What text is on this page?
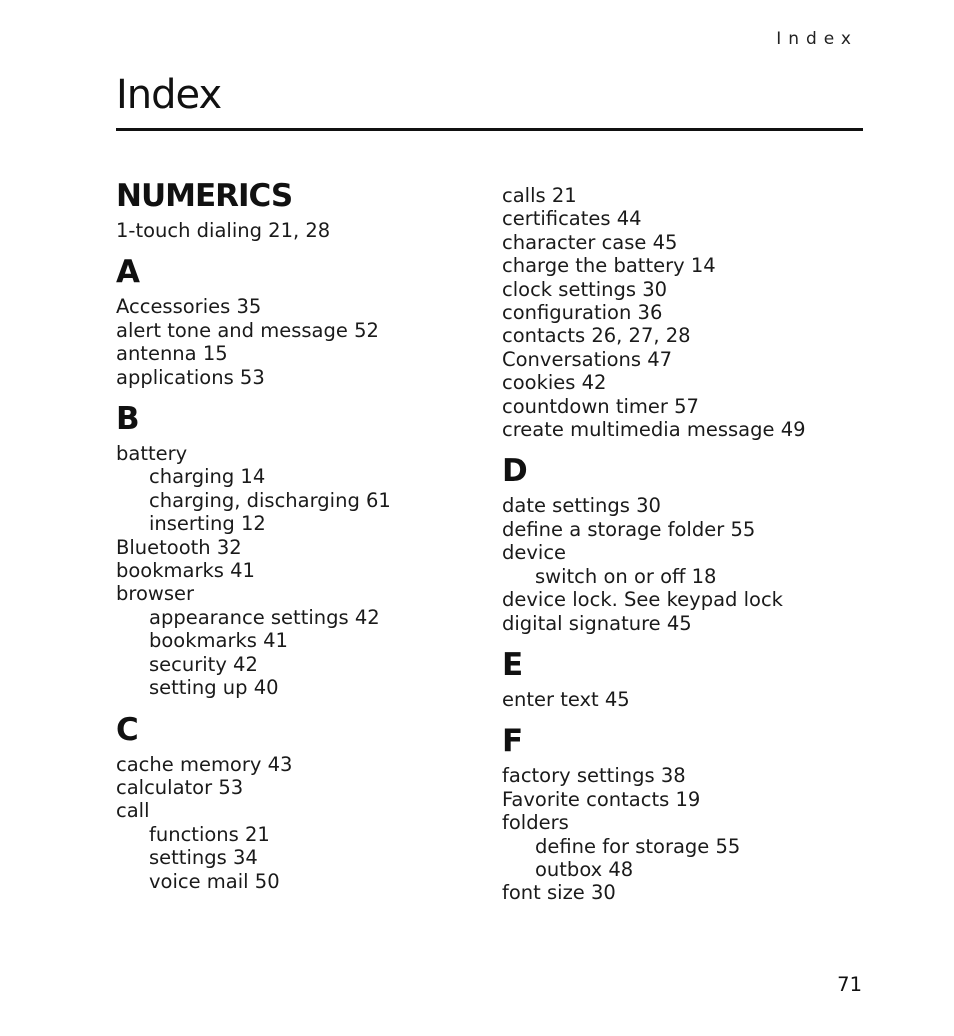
Index
Index
NUMERICS
1-touch dialing 21, 28
A
Accessories 35
alert tone and message 52
antenna 15
applications 53
B
battery
charging 14
charging, discharging 61
inserting 12
Bluetooth 32
bookmarks 41
browser
appearance settings 42
bookmarks 41
security 42
setting up 40
C
cache memory 43
calculator 53
call
functions 21
settings 34
voice mail 50
calls 21
certificates 44
character case 45
charge the battery 14
clock settings 30
configuration 36
contacts 26, 27, 28
Conversations 47
cookies 42
countdown timer 57
create multimedia message 49
D
date settings 30
define a storage folder 55
device
switch on or off 18
device lock. See keypad lock
digital signature 45
E
enter text 45
F
factory settings 38
Favorite contacts 19
folders
define for storage 55
outbox 48
font size 30
71
